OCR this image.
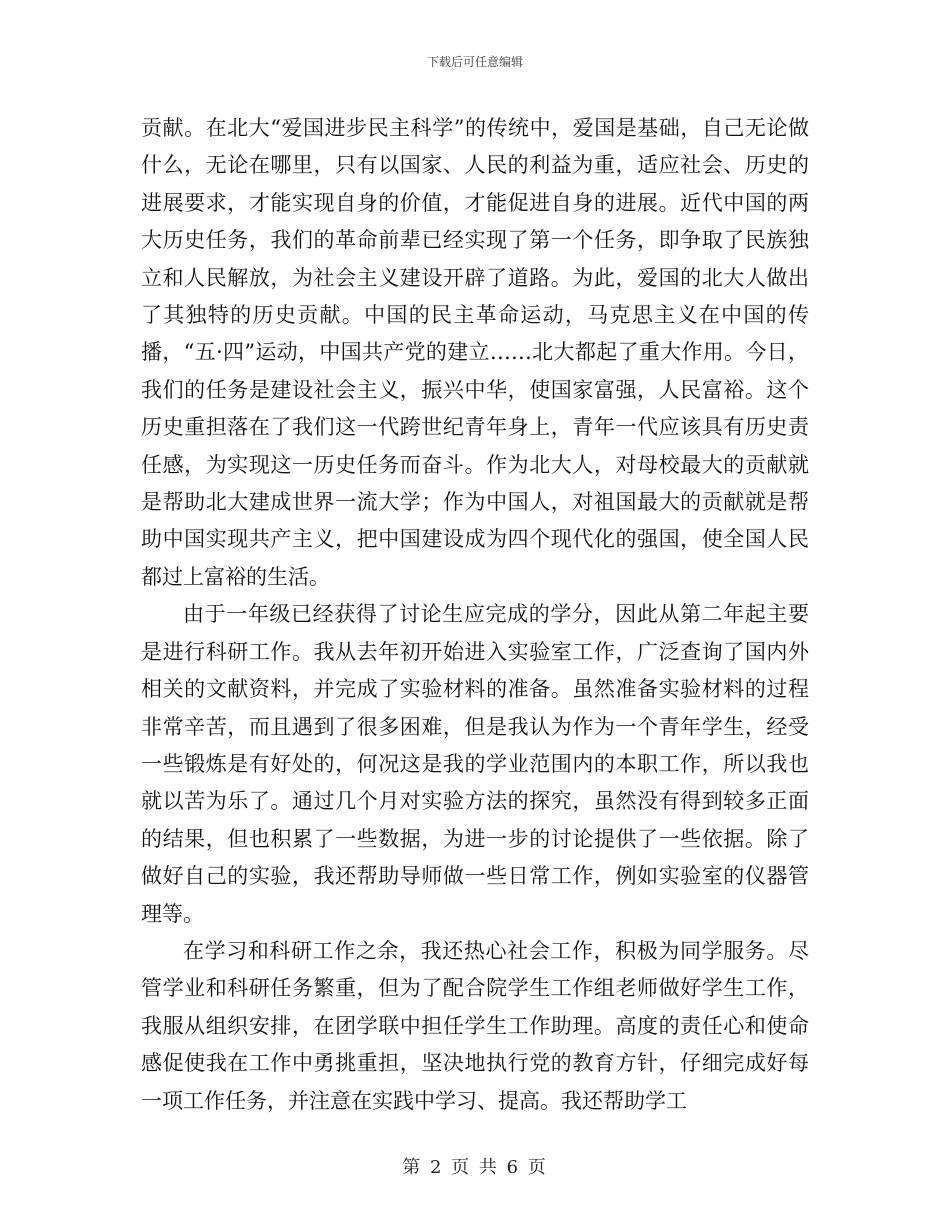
下载后可任意编辑

贡献。在北大“爱国进步民主科学”的传统中，爱国是基础，自己无论做什么，无论在哪里，只有以国家、人民的利益为重，适应社会、历史的进展要求，才能实现自身的价值，才能促进自身的进展。近代中国的两大历史任务，我们的革命前辈已经实现了第一个任务，即争取了民族独立和人民解放，为社会主义建设开辟了道路。为此，爱国的北大人做出了其独特的历史贡献。中国的民主革命运动，马克思主义在中国的传播，“五·四”运动，中国共产党的建立……北大都起了重大作用。今日，我们的任务是建设社会主义，振兴中华，使国家富强，人民富裕。这个历史重担落在了我们这一代跨世纪青年身上，青年一代应该具有历史责任感，为实现这一历史任务而奋斗。作为北大人，对母校最大的贡献就是帮助北大建成世界一流大学；作为中国人，对祖国最大的贡献就是帮助中国实现共产主义，把中国建设成为四个现代化的强国，使全国人民都过上富裕的生活。

由于一年级已经获得了讨论生应完成的学分，因此从第二年起主要是进行科研工作。我从去年初开始进入实验室工作，广泛查询了国内外相关的文献资料，并完成了实验材料的准备。虽然准备实验材料的过程非常辛苦，而且遇到了很多困难，但是我认为作为一个青年学生，经受一些锻炼是有好处的，何况这是我的学业范围内的本职工作，所以我也就以苦为乐了。通过几个月对实验方法的探究，虽然没有得到较多正面的结果，但也积累了一些数据，为进一步的讨论提供了一些依据。除了做好自己的实验，我还帮助导师做一些日常工作，例如实验室的仪器管理等。

在学习和科研工作之余，我还热心社会工作，积极为同学服务。尽管学业和科研任务繁重，但为了配合院学生工作组老师做好学生工作，我服从组织安排，在团学联中担任学生工作助理。高度的责任心和使命感促使我在工作中勇挑重担，坚决地执行党的教育方针，仔细完成好每一项工作任务，并注意在实践中学习、提高。我还帮助学工

第 2 页 共 6 页
